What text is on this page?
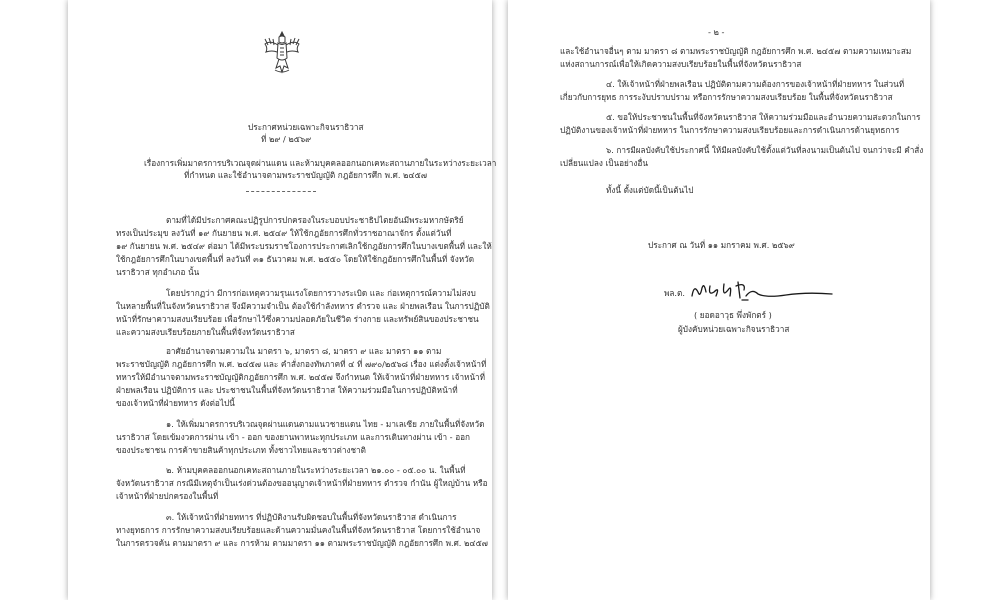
ประกาศหน่วยเฉพาะกิจนราธิวาส

ที่ ๒๙ / ๒๕๖๙

เรื่องการเพิ่มมาตรการบริเวณจุดผ่านแดน และห้ามบุคคลออกนอกเคหะสถานภายในระหว่างระยะเวลา

ที่กำหนด และใช้อำนาจตามพระราชบัญญัติ กฎอัยการศึก พ.ศ. ๒๔๕๗

ตามที่ได้มีประกาศคณะปฏิรูปการปกครองในระบอบประชาธิปไตยอันมีพระมหากษัตริย์

ทรงเป็นประมุข ลงวันที่ ๑๙ กันยายน พ.ศ. ๒๕๔๙ ให้ใช้กฎอัยการศึกทั่วราชอาณาจักร ตั้งแต่วันที่

๑๙ กันยายน พ.ศ. ๒๕๔๙ ต่อมา ได้มีพระบรมราชโองการประกาศเลิกใช้กฎอัยการศึกในบางเขตพื้นที่ และให้

ใช้กฎอัยการศึกในบางเขตพื้นที่ ลงวันที่ ๓๑ ธันวาคม พ.ศ. ๒๕๕๐ โดยให้ใช้กฎอัยการศึกในพื้นที่ จังหวัด

นราธิวาส ทุกอำเภอ นั้น

โดยปรากฏว่า มีการก่อเหตุความรุนแรงโดยการวางระเบิด และ ก่อเหตุการณ์ความไม่สงบ

ในหลายพื้นที่ในจังหวัดนราธิวาส จึงมีความจำเป็น ต้องใช้กำลังทหาร ตำรวจ และ ฝ่ายพลเรือน ในการปฏิบัติ

หน้าที่รักษาความสงบเรียบร้อย เพื่อรักษาไว้ซึ่งความปลอดภัยในชีวิต ร่างกาย และทรัพย์สินของประชาชน

และความสงบเรียบร้อยภายในพื้นที่จังหวัดนราธิวาส

อาศัยอำนาจตามความใน มาตรา ๖, มาตรา ๘, มาตรา ๙ และ มาตรา ๑๑ ตาม

พระราชบัญญัติ กฎอัยการศึก พ.ศ. ๒๔๕๗ และ คำสั่งกองทัพภาคที่ ๔ ที่ ๗๙๐/๒๕๖๘ เรื่อง แต่งตั้งเจ้าหน้าที่

ทหารให้มีอำนาจตามพระราชบัญญัติกฎอัยการศึก พ.ศ. ๒๔๕๗ จึงกำหนด ให้เจ้าหน้าที่ฝ่ายทหาร เจ้าหน้าที่

ฝ่ายพลเรือน ปฏิบัติการ และ ประชาชนในพื้นที่จังหวัดนราธิวาส ให้ความร่วมมือในการปฏิบัติหน้าที่

ของเจ้าหน้าที่ฝ่ายทหาร ดังต่อไปนี้

๑. ให้เพิ่มมาตรการบริเวณจุดผ่านแดนตามแนวชายแดน ไทย - มาเลเซีย ภายในพื้นที่จังหวัด

นราธิวาส โดยเข้มงวดการผ่าน เข้า - ออก ของยานพาหนะทุกประเภท และการเดินทางผ่าน เข้า - ออก

ของประชาชน การค้าขายสินค้าทุกประเภท ทั้งชาวไทยและชาวต่างชาติ

๒. ห้ามบุคคลออกนอกเคหะสถานภายในระหว่างระยะเวลา ๒๑.๐๐ - ๐๕.๐๐ น. ในพื้นที่

จังหวัดนราธิวาส กรณีมีเหตุจำเป็นเร่งด่วนต้องขออนุญาตเจ้าหน้าที่ฝ่ายทหาร ตำรวจ กำนัน ผู้ใหญ่บ้าน หรือ

เจ้าหน้าที่ฝ่ายปกครองในพื้นที่

๓. ให้เจ้าหน้าที่ฝ่ายทหาร ที่ปฏิบัติงานรับผิดชอบในพื้นที่จังหวัดนราธิวาส ดำเนินการ

ทางยุทธการ การรักษาความสงบเรียบร้อยและด้านความมั่นคงในพื้นที่จังหวัดนราธิวาส โดยการใช้อำนาจ

ในการตรวจค้น ตามมาตรา ๙ และ การห้าม ตามมาตรา ๑๑ ตามพระราชบัญญัติ กฎอัยการศึก พ.ศ. ๒๔๕๗

- ๒ -

และใช้อำนาจอื่นๆ ตาม มาตรา ๘ ตามพระราชบัญญัติ กฎอัยการศึก พ.ศ. ๒๔๕๗ ตามความเหมาะสม

แห่งสถานการณ์เพื่อให้เกิดความสงบเรียบร้อยในพื้นที่จังหวัดนราธิวาส

๔. ให้เจ้าหน้าที่ฝ่ายพลเรือน ปฏิบัติตามความต้องการของเจ้าหน้าที่ฝ่ายทหาร ในส่วนที่

เกี่ยวกับการยุทธ การระงับปราบปราม หรือการรักษาความสงบเรียบร้อย ในพื้นที่จังหวัดนราธิวาส

๕. ขอให้ประชาชนในพื้นที่จังหวัดนราธิวาส ให้ความร่วมมือและอำนวยความสะดวกในการ

ปฏิบัติงานของเจ้าหน้าที่ฝ่ายทหาร ในการรักษาความสงบเรียบร้อยและการดำเนินการด้านยุทธการ

๖. การมีผลบังคับใช้ประกาศนี้ ให้มีผลบังคับใช้ตั้งแต่วันที่ลงนามเป็นต้นไป จนกว่าจะมี คำสั่ง

เปลี่ยนแปลง เป็นอย่างอื่น

ทั้งนี้ ตั้งแต่บัดนี้เป็นต้นไป

ประกาศ ณ วันที่ ๑๑ มกราคม พ.ศ. ๒๕๖๙

พล.ต.

( ยอดอาวุธ พึ่งพักตร์ )

ผู้บังคับหน่วยเฉพาะกิจนราธิวาส
